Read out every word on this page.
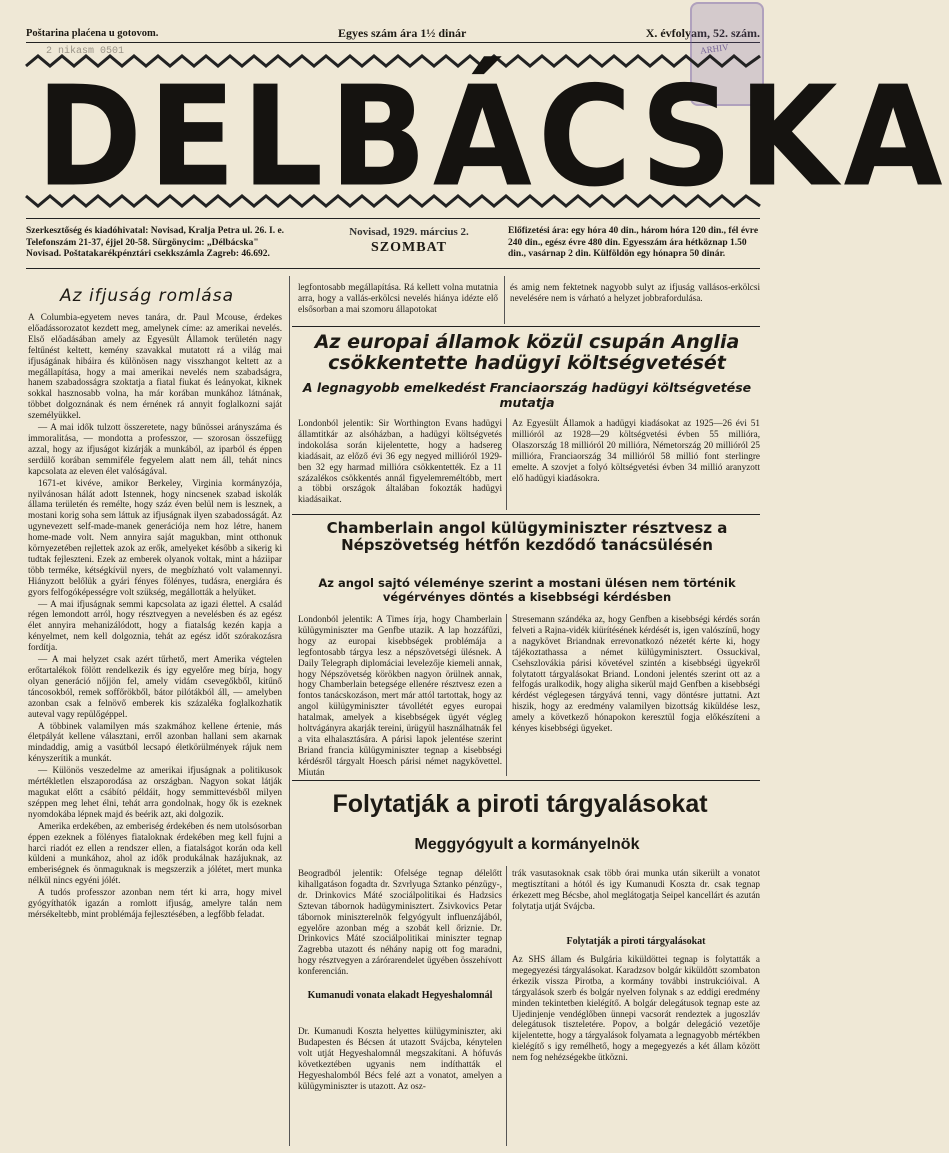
Poštarina plaćena u gotovom.	Egyes szám ára 1½ dinár	X. évfolyam, 52. szám.
ARHIV
2 nikasm 0501
DELBÁCSKA
Szerkesztőség és kiadóhivatal: Novisad, Kralja Petra ul. 26. I. e. Telefonszám 21-37, éjjel 20-58. Sürgönycim: „Délbácska" Novisad. Poštatakarékpénztári csekkszámla Zagreb: 46.692.
Novisad, 1929. március 2.
SZOMBAT
Előfizetési ára: egy hóra 40 din., három hóra 120 din., fél évre 240 din., egész évre 480 din. Egyesszám ára hétköznap 1.50 din., vasárnap 2 din. Külföldön egy hónapra 50 dinár.
Az ifjuság romlása

A Columbia-egyetem neves tanára, dr. Paul Mcouse, érdekes előadássorozatot kezdett meg, amelynek címe: az amerikai nevelés. Első előadásában amely az Egyesült Államok területén nagy feltűnést keltett, kemény szavakkal mutatott rá a világ mai ifjuságának hibáira és különösen nagy visszhangot keltett az a megállapítása, hogy a mai amerikai nevelés nem szabadságra, hanem szabadosságra szoktatja a fiatal fiukat és leányokat, kiknek sokkal hasznosabb volna, ha már korában munkához látnának, többet dolgoznának és nem érnének rá annyit foglalkozni saját személyükkel.

— A mai idők tulzott összeretete, nagy bűnössei arányszáma és immoralitása, — mondotta a professzor, — szorosan összefügg azzal, hogy az ifjuságot kizárják a munkából, az iparból és éppen serdülő korában semmiféle fegyelem alatt nem áll, tehát nincs kapcsolata az eleven élet valóságával.

1671-et kivéve, amikor Berkeley, Virginia kormányzója, nyilvánosan hálát adott Istennek, hogy nincsenek szabad iskolák állama területén és remélte, hogy száz éven belül nem is lesznek, a mostani korig soha sem láttuk az ifjuságnak ilyen szabadosságát. Az ugynevezett self-made-manek generációja nem hoz létre, hanem home-made volt. Nem annyira saját magukban, mint otthonuk környezetében rejlettek azok az erők, amelyeket később a sikerig ki tudtak fejleszteni. Ezek az emberek olyanok voltak, mint a háziipar több terméke, kétségkívül nyers, de megbízható volt valamennyi. Hiányzott belőlük a gyári fényes fölényes, tudásra, energiára és gyors felfogóképességre volt szükség, megállották a helyüket.

— A mai ifjuságnak semmi kapcsolata az igazi élettel. A család régen lemondott arról, hogy résztvegyen a nevelésben és az egész élet annyira mehanizálódott, hogy a fiatalság kezén kapja a kényelmet, nem kell dolgoznia, tehát az egész időt szórakozásra fordítja.

— A mai helyzet csak azért tűrhető, mert Amerika végtelen erőtartalékok fölött rendelkezik és igy egyelőre meg bírja, hogy olyan generáció nőjjön fel, amely vidám csevegőkből, kitűnő táncosokból, remek soffőrökből, bátor pilótákból áll, — amelyben azonban csak a felnövő emberek kis százaléka foglalkozhatik auteval vagy repülőgéppel.

A többinek valamilyen más szakmához kellene értenie, más életpályát kellene választani, erről azonban hallani sem akarnak mindaddig, amig a vasútból lecsapó életkörülmények rájuk nem kényszerítik a munkát.

— Különös veszedelme az amerikai ifjuságnak a politikusok mértékletlen elszaporodása az országban. Nagyon sokat látják magukat előtt a csábító példáit, hogy semmittevésből milyen széppen meg lehet élni, tehát arra gondolnak, hogy ők is ezeknek nyomdokába lépnek majd és beérik azt, aki dolgozik.

Amerika erdekében, az emberiség érdekében és nem utolsósorban éppen ezeknek a fölényes fiataloknak érdekében meg kell fujni a harci riadót ez ellen a rendszer ellen, a fiatalságot korán oda kell küldeni a munkához, ahol az idők produkálnak hazájuknak, az emberiségnek és önmaguknak is megszerzik a jólétet, mert munka nélkül nincs egyéni jólét.

A tudós professzor azonban nem tért ki arra, hogy mivel gyógyíthatók igazán a romlott ifjuság, amelyre talán nem mérsékeltebb, mint problémája fejlesztésében, a legfőbb feladat.

legfontosabb megállapítása. Rá kellett volna mutatnia arra, hogy a vallás-erkölcsi nevelés hiánya idézte elő elsősorban a mai szomoru állapotokat
és amig nem fektetnek nagyobb sulyt az ifjuság vallásos-erkölcsi nevelésére nem is várható a helyzet jobbrafordulása.
Az europai államok közül csupán Anglia csökkentette hadügyi költségvetését
A legnagyobb emelkedést Franciaország hadügyi költségvetése mutatja
Londonból jelentik: Sir Worthington Evans hadügyi államtitkár az alsóházban, a hadügyi költségvetés indokolása során kijelentette, hogy a hadsereg kiadásait, az előző évi 36 egy negyed millióról 1929-ben 32 egy harmad millióra csökkentették. Ez a 11 százalékos csökkentés annál figyelemreméltóbb, mert a többi országok általában fokozták hadügyi kiadásaikat.
Az Egyesült Államok a hadügyi kiadásokat az 1925—26 évi 51 millióról az 1928—29 költségvetési évben 55 millióra, Olaszország 18 millióról 20 millióra, Németország 20 millióról 25 millióra, Franciaország 34 millióról 58 millió font sterlingre emelte. A szovjet a folyó költségvetési évben 34 millió aranyzott elő hadügyi kiadásokra.
Chamberlain angol külügyminiszter résztvesz a Népszövetség hétfőn kezdődő tanácsülésén
Az angol sajtó véleménye szerint a mostani ülésen nem történik végérvényes döntés a kisebbségi kérdésben
Londonból jelentik: A Times írja, hogy Chamberlain külügyminiszter ma Genfbe utazik. A lap hozzáfűzi, hogy az europai kisebbségek problémája a legfontosabb tárgya lesz a népszövetségi ülésnek. A Daily Telegraph diplomáciai levelezője kiemeli annak, hogy Népszövetség körökben nagyon örülnek annak, hogy Chamberlain betegsége ellenére résztvesz ezen a fontos tanácskozáson, mert már attól tartottak, hogy az angol külügyminiszter távollétét egyes europai hatalmak, amelyek a kisebbségek ügyét végleg holtvágányra akarják tereini, ürügyül használhatnák fel a vita elhalasztására. A párisi lapok jelentése szerint Briand francia külügyminiszter tegnap a kisebbségi kérdésről tárgyalt Hoesch párisi német nagykövettel. Miután
Stresemann szándéka az, hogy Genfben a kisebbségi kérdés során felveti a Rajna-vidék kiürítésének kérdését is, igen valószínű, hogy a nagykövet Briandnak errevonatkozó nézetét kérte ki, hogy tájékoztathassa a német külügyminisztert. Ossuckival, Csehszlovákia párisi követével szintén a kisebbségi ügyekről folytatott tárgyalásokat Briand. Londoni jelentés szerint ott az a felfogás uralkodik, hogy aligha sikerül majd Genfben a kisebbségi kérdést véglegesen tárgyává tenni, vagy döntésre juttatni. Azt hiszik, hogy az eredmény valamilyen bizottság kiküldése lesz, amely a következő hónapokon keresztül fogja előkészíteni a kényes kisebbségi ügyeket.
Folytatják a piroti tárgyalásokat
Meggyógyult a kormányelnök
Beogradból jelentik: Ofelsége tegnap délelőtt kihallgatáson fogadta dr. Szvrlyuga Sztanko pénzügy-, dr. Drinkovics Máté szociálpolitikai és Hadzsics Sztevan tábornok hadügyminisztert. Zsivkovics Petar tábornok miniszterelnök felgyógyult influenzájából, egyelőre azonban még a szobát kell őriznie. Dr. Drinkovics Máté szociálpolitikai miniszter tegnap Zagrebba utazott és néhány napig ott fog maradni, hogy résztvegyen a zárórarendelet ügyében összehívott konferencián.
Kumanudi vonata elakadt Hegyeshalomnál
Dr. Kumanudi Koszta helyettes külügyminiszter, aki Budapesten és Bécsen át utazott Svájcba, kénytelen volt utját Hegyeshalomnál megszakítani. A hófuvás következtében ugyanis nem indíthatták el Hegyeshalomból Bécs felé azt a vonatot, amelyen a külügyminiszter is utazott. Az osz-
trák vasutasoknak csak több órai munka után sikerült a vonatot megtisztítani a hótól és igy Kumanudi Koszta dr. csak tegnap érkezett meg Bécsbe, ahol meglátogatja Seipel kancellárt és azután folytatja utját Svájcba.
Folytatják a piroti tárgyalásokat
Az SHS állam és Bulgária kiküldöttei tegnap is folytatták a megegyezési tárgyalásokat. Karadzsov bolgár kiküldött szombaton érkezik vissza Pirotba, a kormány további instrukcióival. A tárgyalások szerb és bolgár nyelven folynak s az eddigi eredmény minden tekintetben kielégítő. A bolgár delegátusok tegnap este az Ujedinjenje vendéglőben ünnepi vacsorát rendeztek a jugoszláv delegátusok tiszteletére. Popov, a bolgár delegáció vezetője kijelentette, hogy a tárgyalások folyamata a legnagyobb mértékben kielégítő s igy remélhető, hogy a megegyezés a két állam között nem fog nehézségekbe ütközni.
